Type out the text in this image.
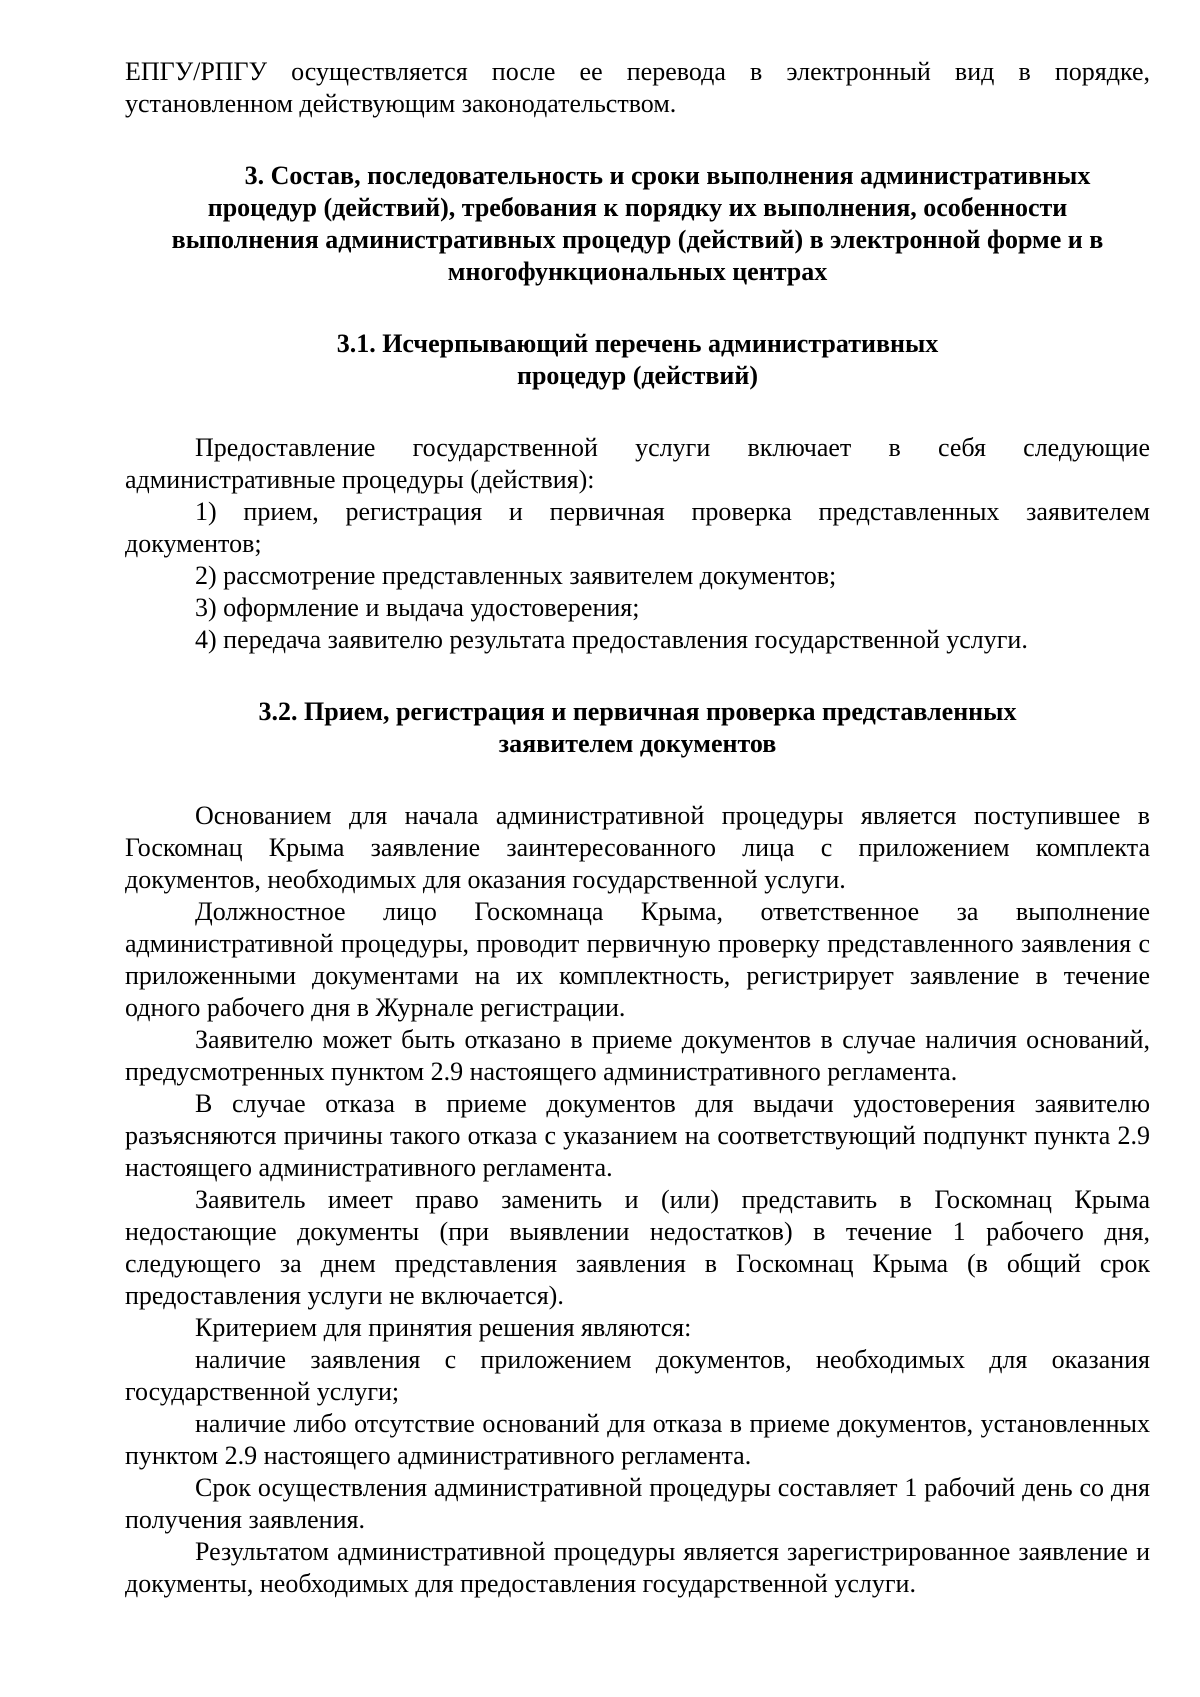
ЕПГУ/РПГУ осуществляется после ее перевода в электронный вид в порядке,
установленном действующим законодательством.

3. Состав, последовательность и сроки выполнения административных
процедур (действий), требования к порядку их выполнения, особенности
выполнения административных процедур (действий) в электронной форме и в
многофункциональных центрах
3.1. Исчерпывающий перечень административных
процедур (действий)

Предоставление государственной услуги включает в себя следующие административные процедуры (действия):

1) прием, регистрация и первичная проверка представленных заявителем документов;

2) рассмотрение представленных заявителем документов;

3) оформление и выдача удостоверения;

4) передача заявителю результата предоставления государственной услуги.

3.2. Прием, регистрация и первичная проверка представленных
заявителем документов

Основанием для начала административной процедуры является поступившее в Госкомнац Крыма заявление заинтересованного лица с приложением комплекта документов, необходимых для оказания государственной услуги.

Должностное лицо Госкомнаца Крыма, ответственное за выполнение административной процедуры, проводит первичную проверку представленного заявления с приложенными документами на их комплектность, регистрирует заявление в течение одного рабочего дня в Журнале регистрации.

Заявителю может быть отказано в приеме документов в случае наличия оснований, предусмотренных пунктом 2.9 настоящего административного регламента.

В случае отказа в приеме документов для выдачи удостоверения заявителю разъясняются причины такого отказа с указанием на соответствующий подпункт пункта 2.9 настоящего административного регламента.

Заявитель имеет право заменить и (или) представить в Госкомнац Крыма недостающие документы (при выявлении недостатков) в течение 1 рабочего дня, следующего за днем представления заявления в Госкомнац Крыма (в общий срок предоставления услуги не включается).

Критерием для принятия решения являются:

наличие заявления с приложением документов, необходимых для оказания государственной услуги;

наличие либо отсутствие оснований для отказа в приеме документов, установленных пунктом 2.9 настоящего административного регламента.

Срок осуществления административной процедуры составляет 1 рабочий день со дня получения заявления.

Результатом административной процедуры является зарегистрированное заявление и документы, необходимых для предоставления государственной услуги.
